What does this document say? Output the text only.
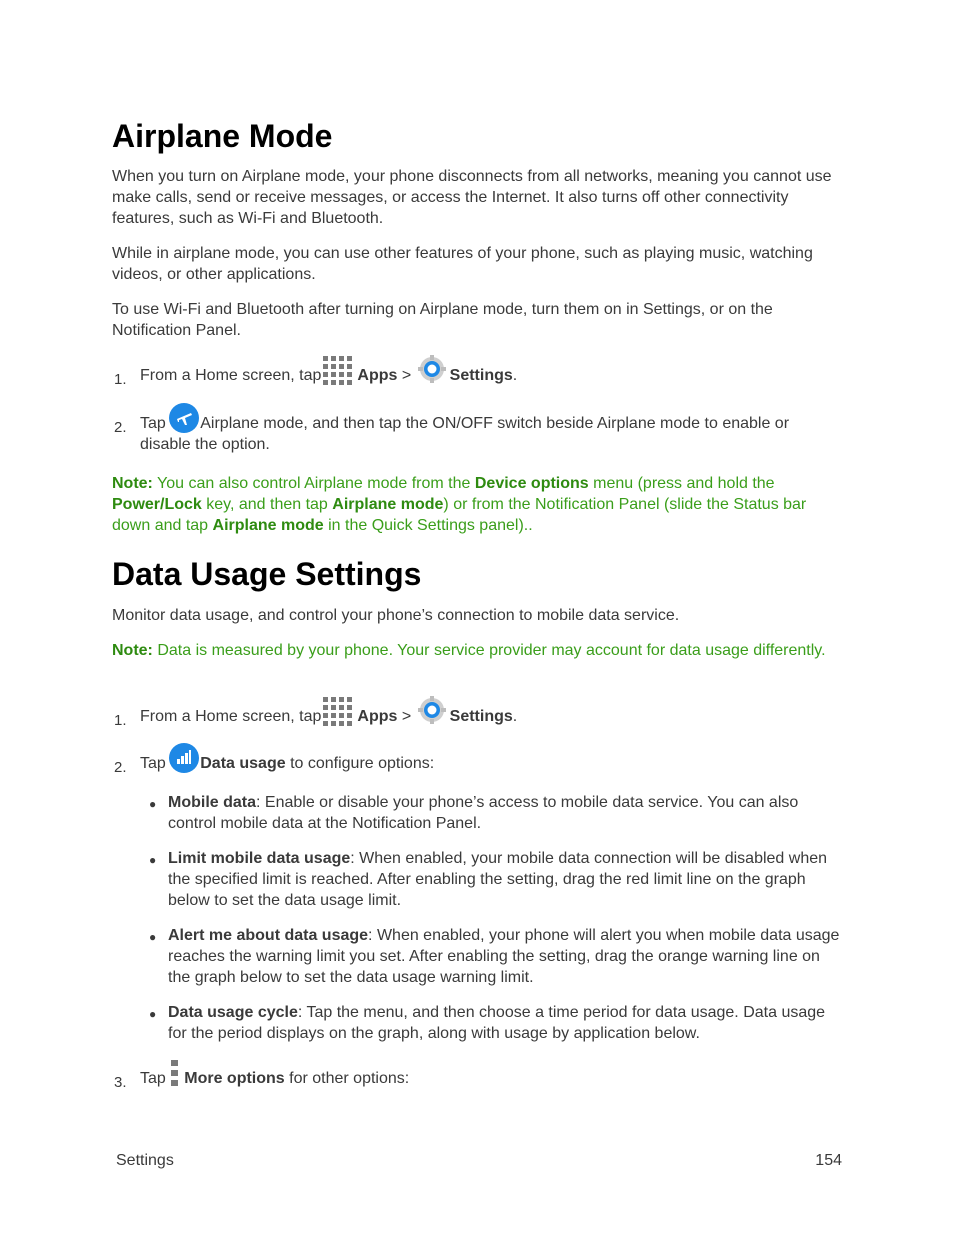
Airplane Mode

When you turn on Airplane mode, your phone disconnects from all networks, meaning you cannot use make calls, send or receive messages, or access the Internet. It also turns off other connectivity features, such as Wi-Fi and Bluetooth.

While in airplane mode, you can use other features of your phone, such as playing music, watching videos, or other applications.

To use Wi-Fi and Bluetooth after turning on Airplane mode, turn them on in Settings, or on the Notification Panel.

1. From a Home screen, tap Apps > Settings.
2. Tap Airplane mode, and then tap the ON/OFF switch beside Airplane mode to enable or disable the option.

Note: You can also control Airplane mode from the Device options menu (press and hold the Power/Lock key, and then tap Airplane mode) or from the Notification Panel (slide the Status bar down and tap Airplane mode in the Quick Settings panel)..

Data Usage Settings

Monitor data usage, and control your phone’s connection to mobile data service.

Note: Data is measured by your phone. Your service provider may account for data usage differently.

1. From a Home screen, tap Apps > Settings.
2. Tap Data usage to configure options:
● Mobile data: Enable or disable your phone’s access to mobile data service. You can also control mobile data at the Notification Panel.
● Limit mobile data usage: When enabled, your mobile data connection will be disabled when the specified limit is reached. After enabling the setting, drag the red limit line on the graph below to set the data usage limit.
● Alert me about data usage: When enabled, your phone will alert you when mobile data usage reaches the warning limit you set. After enabling the setting, drag the orange warning line on the graph below to set the data usage warning limit.
● Data usage cycle: Tap the menu, and then choose a time period for data usage. Data usage for the period displays on the graph, along with usage by application below.
3. Tap More options for other options:
Settings	154
